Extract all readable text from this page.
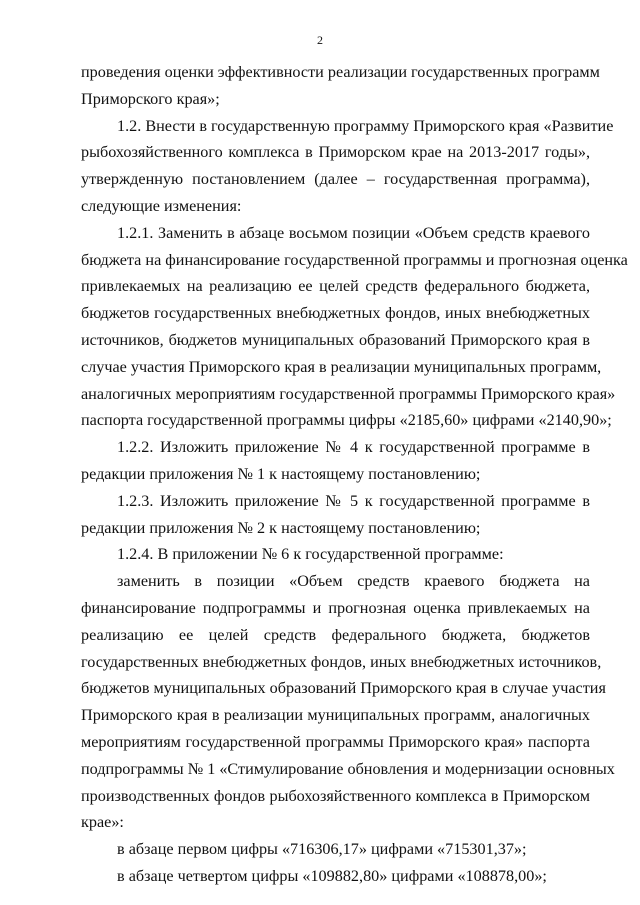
2
проведения оценки эффективности реализации государственных программ
Приморского края»;
1.2. Внести в государственную программу Приморского края «Развитие
рыбохозяйственного комплекса в Приморском крае на 2013-2017 годы»,
утвержденную постановлением (далее – государственная программа),
следующие изменения:
1.2.1. Заменить в абзаце восьмом позиции «Объем средств краевого
бюджета на финансирование государственной программы и прогнозная оценка
привлекаемых на реализацию ее целей средств федерального бюджета,
бюджетов государственных внебюджетных фондов, иных внебюджетных
источников, бюджетов муниципальных образований Приморского края в
случае участия Приморского края в реализации муниципальных программ,
аналогичных мероприятиям государственной программы Приморского края»
паспорта государственной программы цифры «2185,60» цифрами «2140,90»;
1.2.2. Изложить приложение № 4 к государственной программе в
редакции приложения № 1 к настоящему постановлению;
1.2.3. Изложить приложение № 5 к государственной программе в
редакции приложения № 2 к настоящему постановлению;
1.2.4. В приложении № 6 к государственной программе:
заменить в позиции «Объем средств краевого бюджета на
финансирование подпрограммы и прогнозная оценка привлекаемых на
реализацию ее целей средств федерального бюджета, бюджетов
государственных внебюджетных фондов, иных внебюджетных источников,
бюджетов муниципальных образований Приморского края в случае участия
Приморского края в реализации муниципальных программ, аналогичных
мероприятиям государственной программы Приморского края» паспорта
подпрограммы № 1 «Стимулирование обновления и модернизации основных
производственных фондов рыбохозяйственного комплекса в Приморском
крае»:
в абзаце первом цифры «716306,17» цифрами «715301,37»;
в абзаце четвертом цифры «109882,80» цифрами «108878,00»;
